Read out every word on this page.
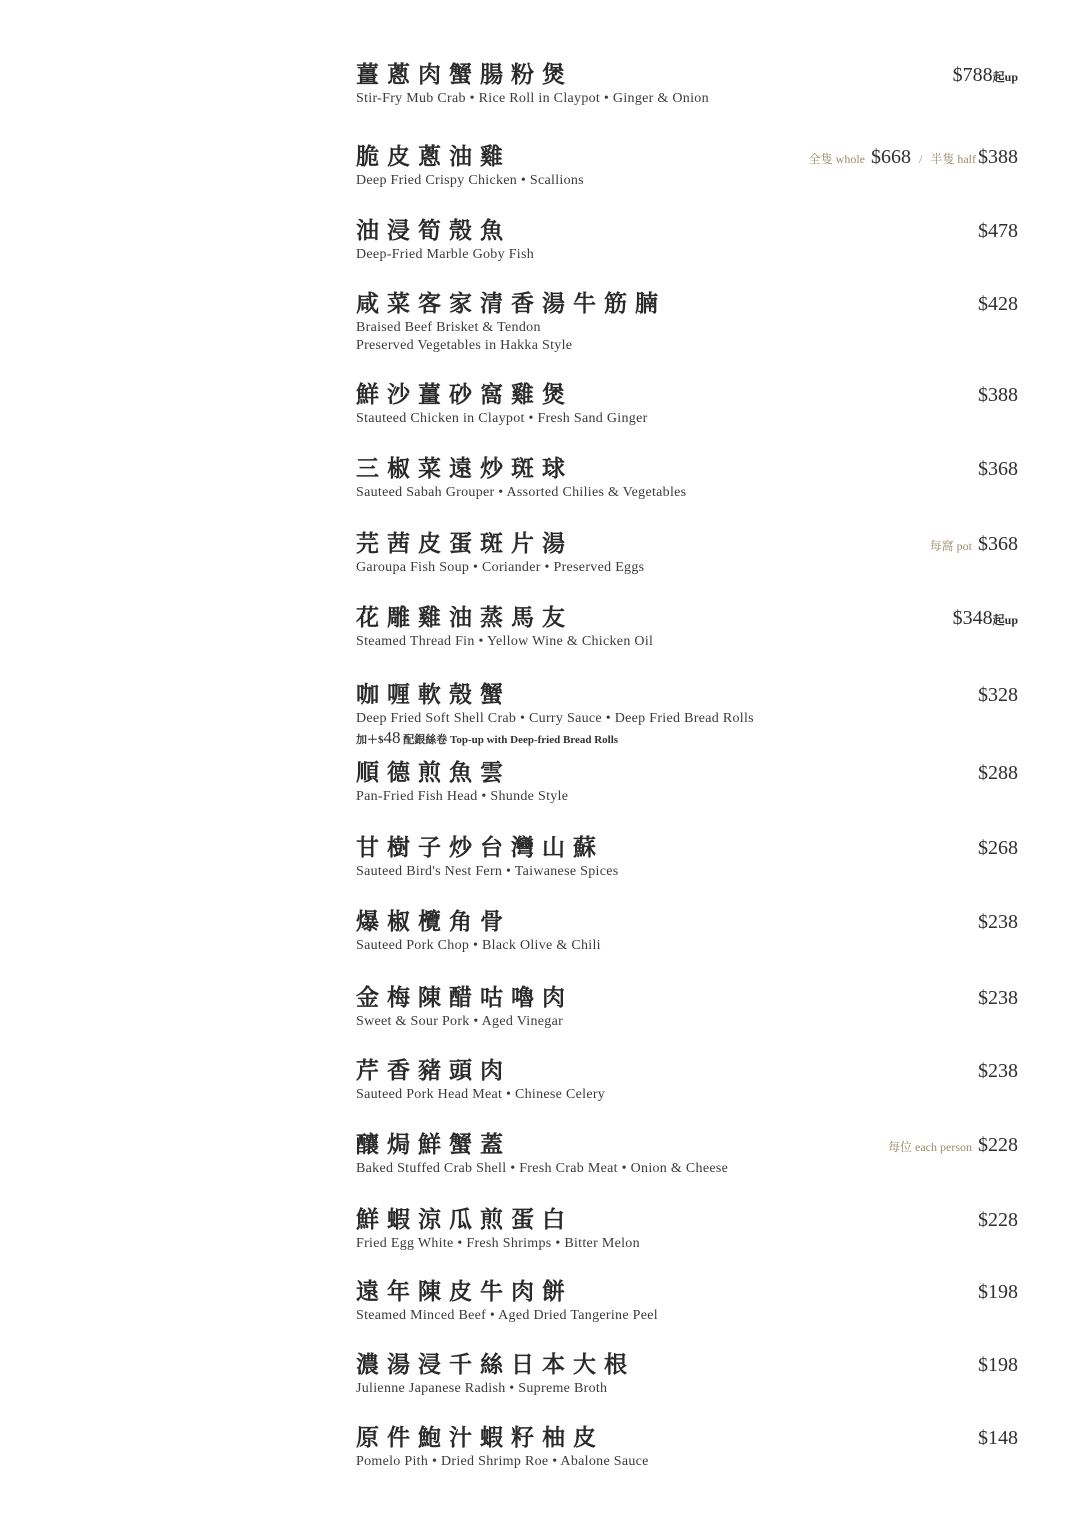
薑蔥肉蟹腸粉煲
Stir-Fry Mub Crab • Rice Roll in Claypot • Ginger & Onion
$788起up
脆皮蔥油雞
Deep Fried Crispy Chicken • Scallions
全隻 whole $668 / 半隻 half $388
油浸筍殼魚
Deep-Fried Marble Goby Fish
$478
咸菜客家清香湯牛筋腩
Braised Beef Brisket & Tendon
Preserved Vegetables in Hakka Style
$428
鮮沙薑砂窩雞煲
Stauteed Chicken in Claypot • Fresh Sand Ginger
$388
三椒菜遠炒斑球
Sauteed Sabah Grouper • Assorted Chilies & Vegetables
$368
芫茜皮蛋斑片湯
Garoupa Fish Soup • Coriander • Preserved Eggs
每窩 pot $368
花雕雞油蒸馬友
Steamed Thread Fin • Yellow Wine & Chicken Oil
$348起up
咖喱軟殼蟹
Deep Fried Soft Shell Crab • Curry Sauce • Deep Fried Bread Rolls
加＋$48 配銀絲卷 Top-up with Deep-fried Bread Rolls
$328
順德煎魚雲
Pan-Fried Fish Head • Shunde Style
$288
甘樹子炒台灣山蘇
Sauteed Bird's Nest Fern • Taiwanese Spices
$268
爆椒欖角骨
Sauteed Pork Chop • Black Olive & Chili
$238
金梅陳醋咕嚕肉
Sweet & Sour Pork • Aged Vinegar
$238
芹香豬頭肉
Sauteed Pork Head Meat • Chinese Celery
$238
釀焗鮮蟹蓋
Baked Stuffed Crab Shell • Fresh Crab Meat • Onion & Cheese
每位 each person $228
鮮蝦涼瓜煎蛋白
Fried Egg White • Fresh Shrimps • Bitter Melon
$228
遠年陳皮牛肉餅
Steamed Minced Beef • Aged Dried Tangerine Peel
$198
濃湯浸千絲日本大根
Julienne Japanese Radish • Supreme Broth
$198
原件鮑汁蝦籽柚皮
Pomelo Pith • Dried Shrimp Roe • Abalone Sauce
$148
